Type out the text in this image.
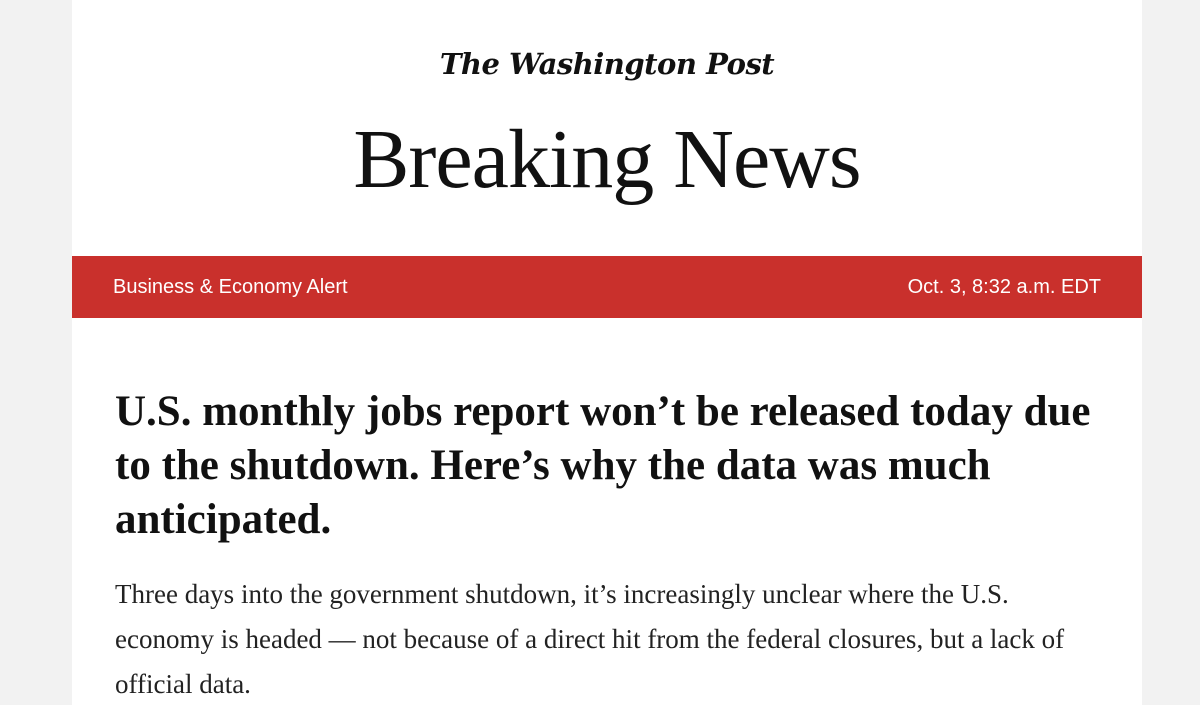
The Washington Post
Breaking News
Business & Economy Alert	Oct. 3, 8:32 a.m. EDT
U.S. monthly jobs report won’t be released today due to the shutdown. Here’s why the data was much anticipated.

Three days into the government shutdown, it’s increasingly unclear where the U.S. economy is headed — not because of a direct hit from the federal closures, but a lack of official data.
